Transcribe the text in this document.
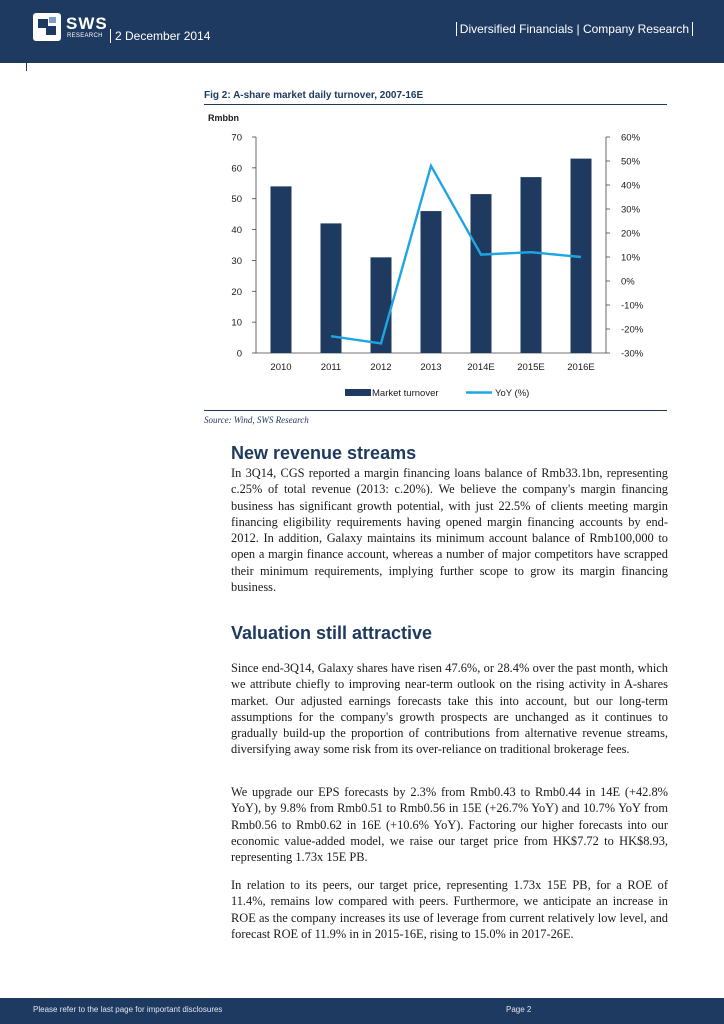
SWS
RESEARCH	2 December 2014	Diversified Financials | Company Research
Fig 2: A-share market daily turnover, 2007-16E
Rmbbn
0
10
20
30
40
50
60
70
-30%
-20%
-10%
0%
10%
20%
30%
40%
50%
60%
2010	2011	2012	2013	2014E 2015E 2016E
Market turnover	YoY (%)
Source: Wind, SWS Research
New revenue streams

In 3Q14, CGS reported a margin financing loans balance of Rmb33.1bn, representing c.25% of total revenue (2013: c.20%). We believe the company's margin financing business has significant growth potential, with just 22.5% of clients meeting margin financing eligibility requirements having opened margin financing accounts by end-2012. In addition, Galaxy maintains its minimum account balance of Rmb100,000 to open a margin finance account, whereas a number of major competitors have scrapped their minimum requirements, implying further scope to grow its margin financing business.

Valuation still attractive

Since end-3Q14, Galaxy shares have risen 47.6%, or 28.4% over the past month, which we attribute chiefly to improving near-term outlook on the rising activity in A-shares market. Our adjusted earnings forecasts take this into account, but our long-term assumptions for the company's growth prospects are unchanged as it continues to gradually build-up the proportion of contributions from alternative revenue streams, diversifying away some risk from its over-reliance on traditional brokerage fees.

We upgrade our EPS forecasts by 2.3% from Rmb0.43 to Rmb0.44 in 14E (+42.8% YoY), by 9.8% from Rmb0.51 to Rmb0.56 in 15E (+26.7% YoY) and 10.7% YoY from Rmb0.56 to Rmb0.62 in 16E (+10.6% YoY). Factoring our higher forecasts into our economic value-added model, we raise our target price from HK$7.72 to HK$8.93, representing 1.73x 15E PB.

In relation to its peers, our target price, representing 1.73x 15E PB, for a ROE of 11.4%, remains low compared with peers. Furthermore, we anticipate an increase in ROE as the company increases its use of leverage from current relatively low level, and forecast ROE of 11.9% in in 2015-16E, rising to 15.0% in 2017-26E.

Please refer to the last page for important disclosures	Page 2
